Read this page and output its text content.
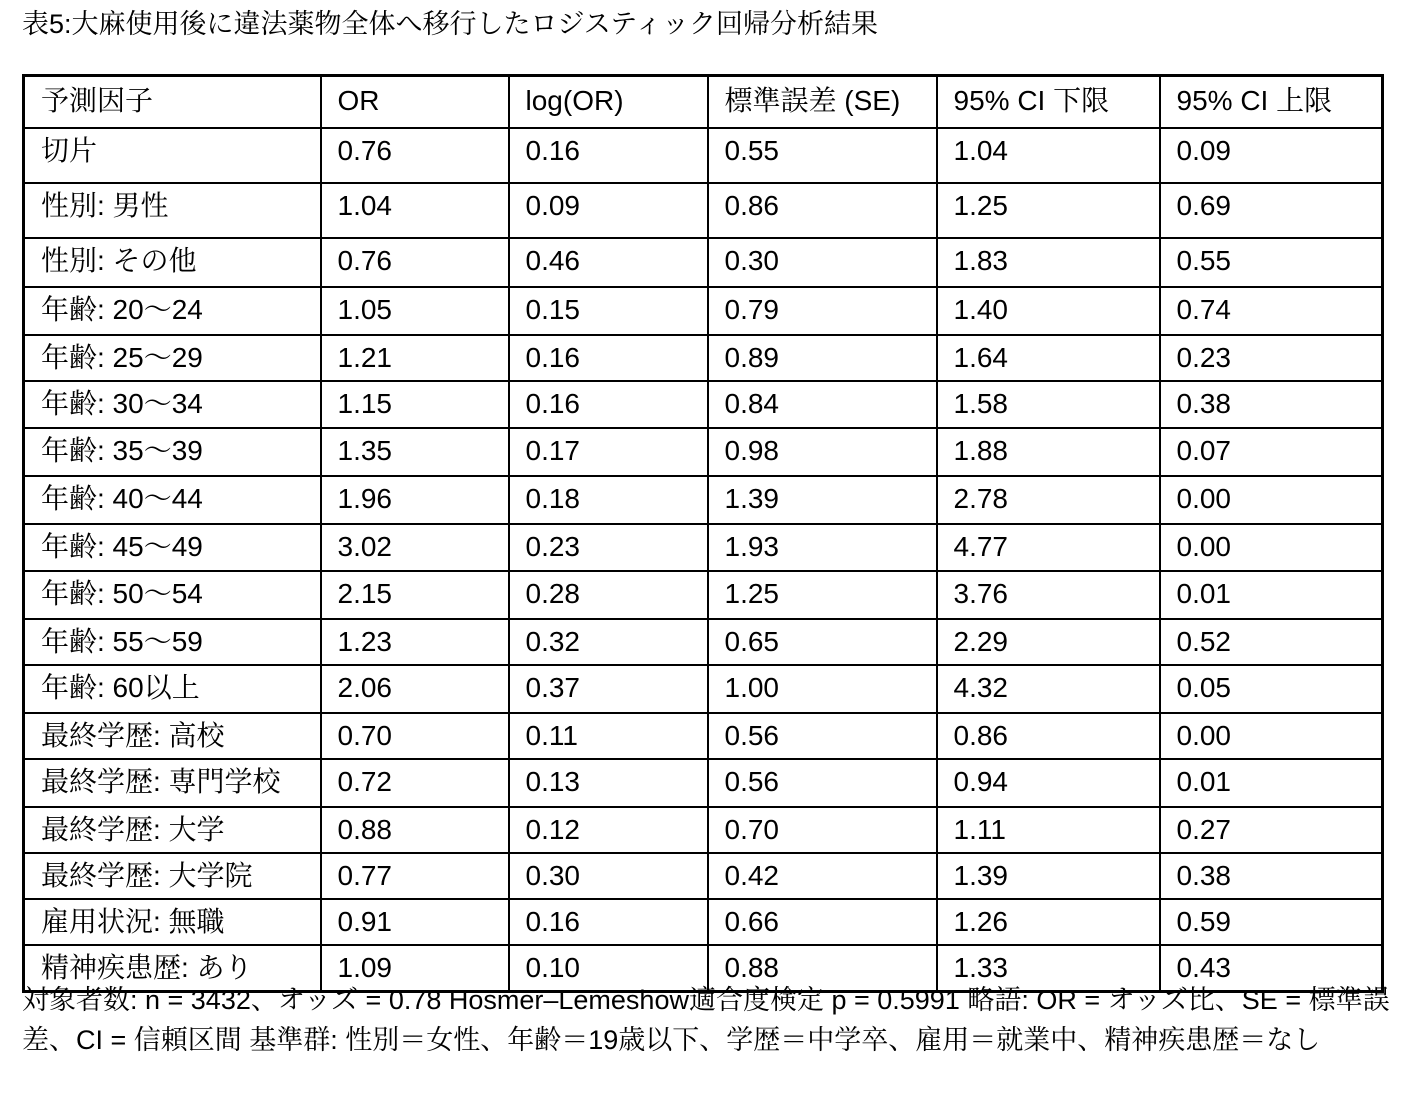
表5:大麻使用後に違法薬物全体へ移行したロジスティック回帰分析結果
予測因子	OR	log(OR)	標準誤差 (SE)	95% CI 下限	95% CI 上限
切片	0.76	0.16	0.55	1.04	0.09
性別: 男性	1.04	0.09	0.86	1.25	0.69
性別: その他	0.76	0.46	0.30	1.83	0.55
年齢: 20〜24	1.05	0.15	0.79	1.40	0.74
年齢: 25〜29	1.21	0.16	0.89	1.64	0.23
年齢: 30〜34	1.15	0.16	0.84	1.58	0.38
年齢: 35〜39	1.35	0.17	0.98	1.88	0.07
年齢: 40〜44	1.96	0.18	1.39	2.78	0.00
年齢: 45〜49	3.02	0.23	1.93	4.77	0.00
年齢: 50〜54	2.15	0.28	1.25	3.76	0.01
年齢: 55〜59	1.23	0.32	0.65	2.29	0.52
年齢: 60以上	2.06	0.37	1.00	4.32	0.05
最終学歴: 高校	0.70	0.11	0.56	0.86	0.00
最終学歴: 専門学校	0.72	0.13	0.56	0.94	0.01
最終学歴: 大学	0.88	0.12	0.70	1.11	0.27
最終学歴: 大学院	0.77	0.30	0.42	1.39	0.38
雇用状況: 無職	0.91	0.16	0.66	1.26	0.59
精神疾患歴: あり	1.09	0.10	0.88	1.33	0.43
対象者数: n = 3432、オッズ = 0.78 Hosmer–Lemeshow適合度検定 p = 0.5991 略語: OR = オッズ比、SE = 標準誤差、CI = 信頼区間 基準群: 性別＝女性、年齢＝19歳以下、学歴＝中学卒、雇用＝就業中、精神疾患歴＝なし
